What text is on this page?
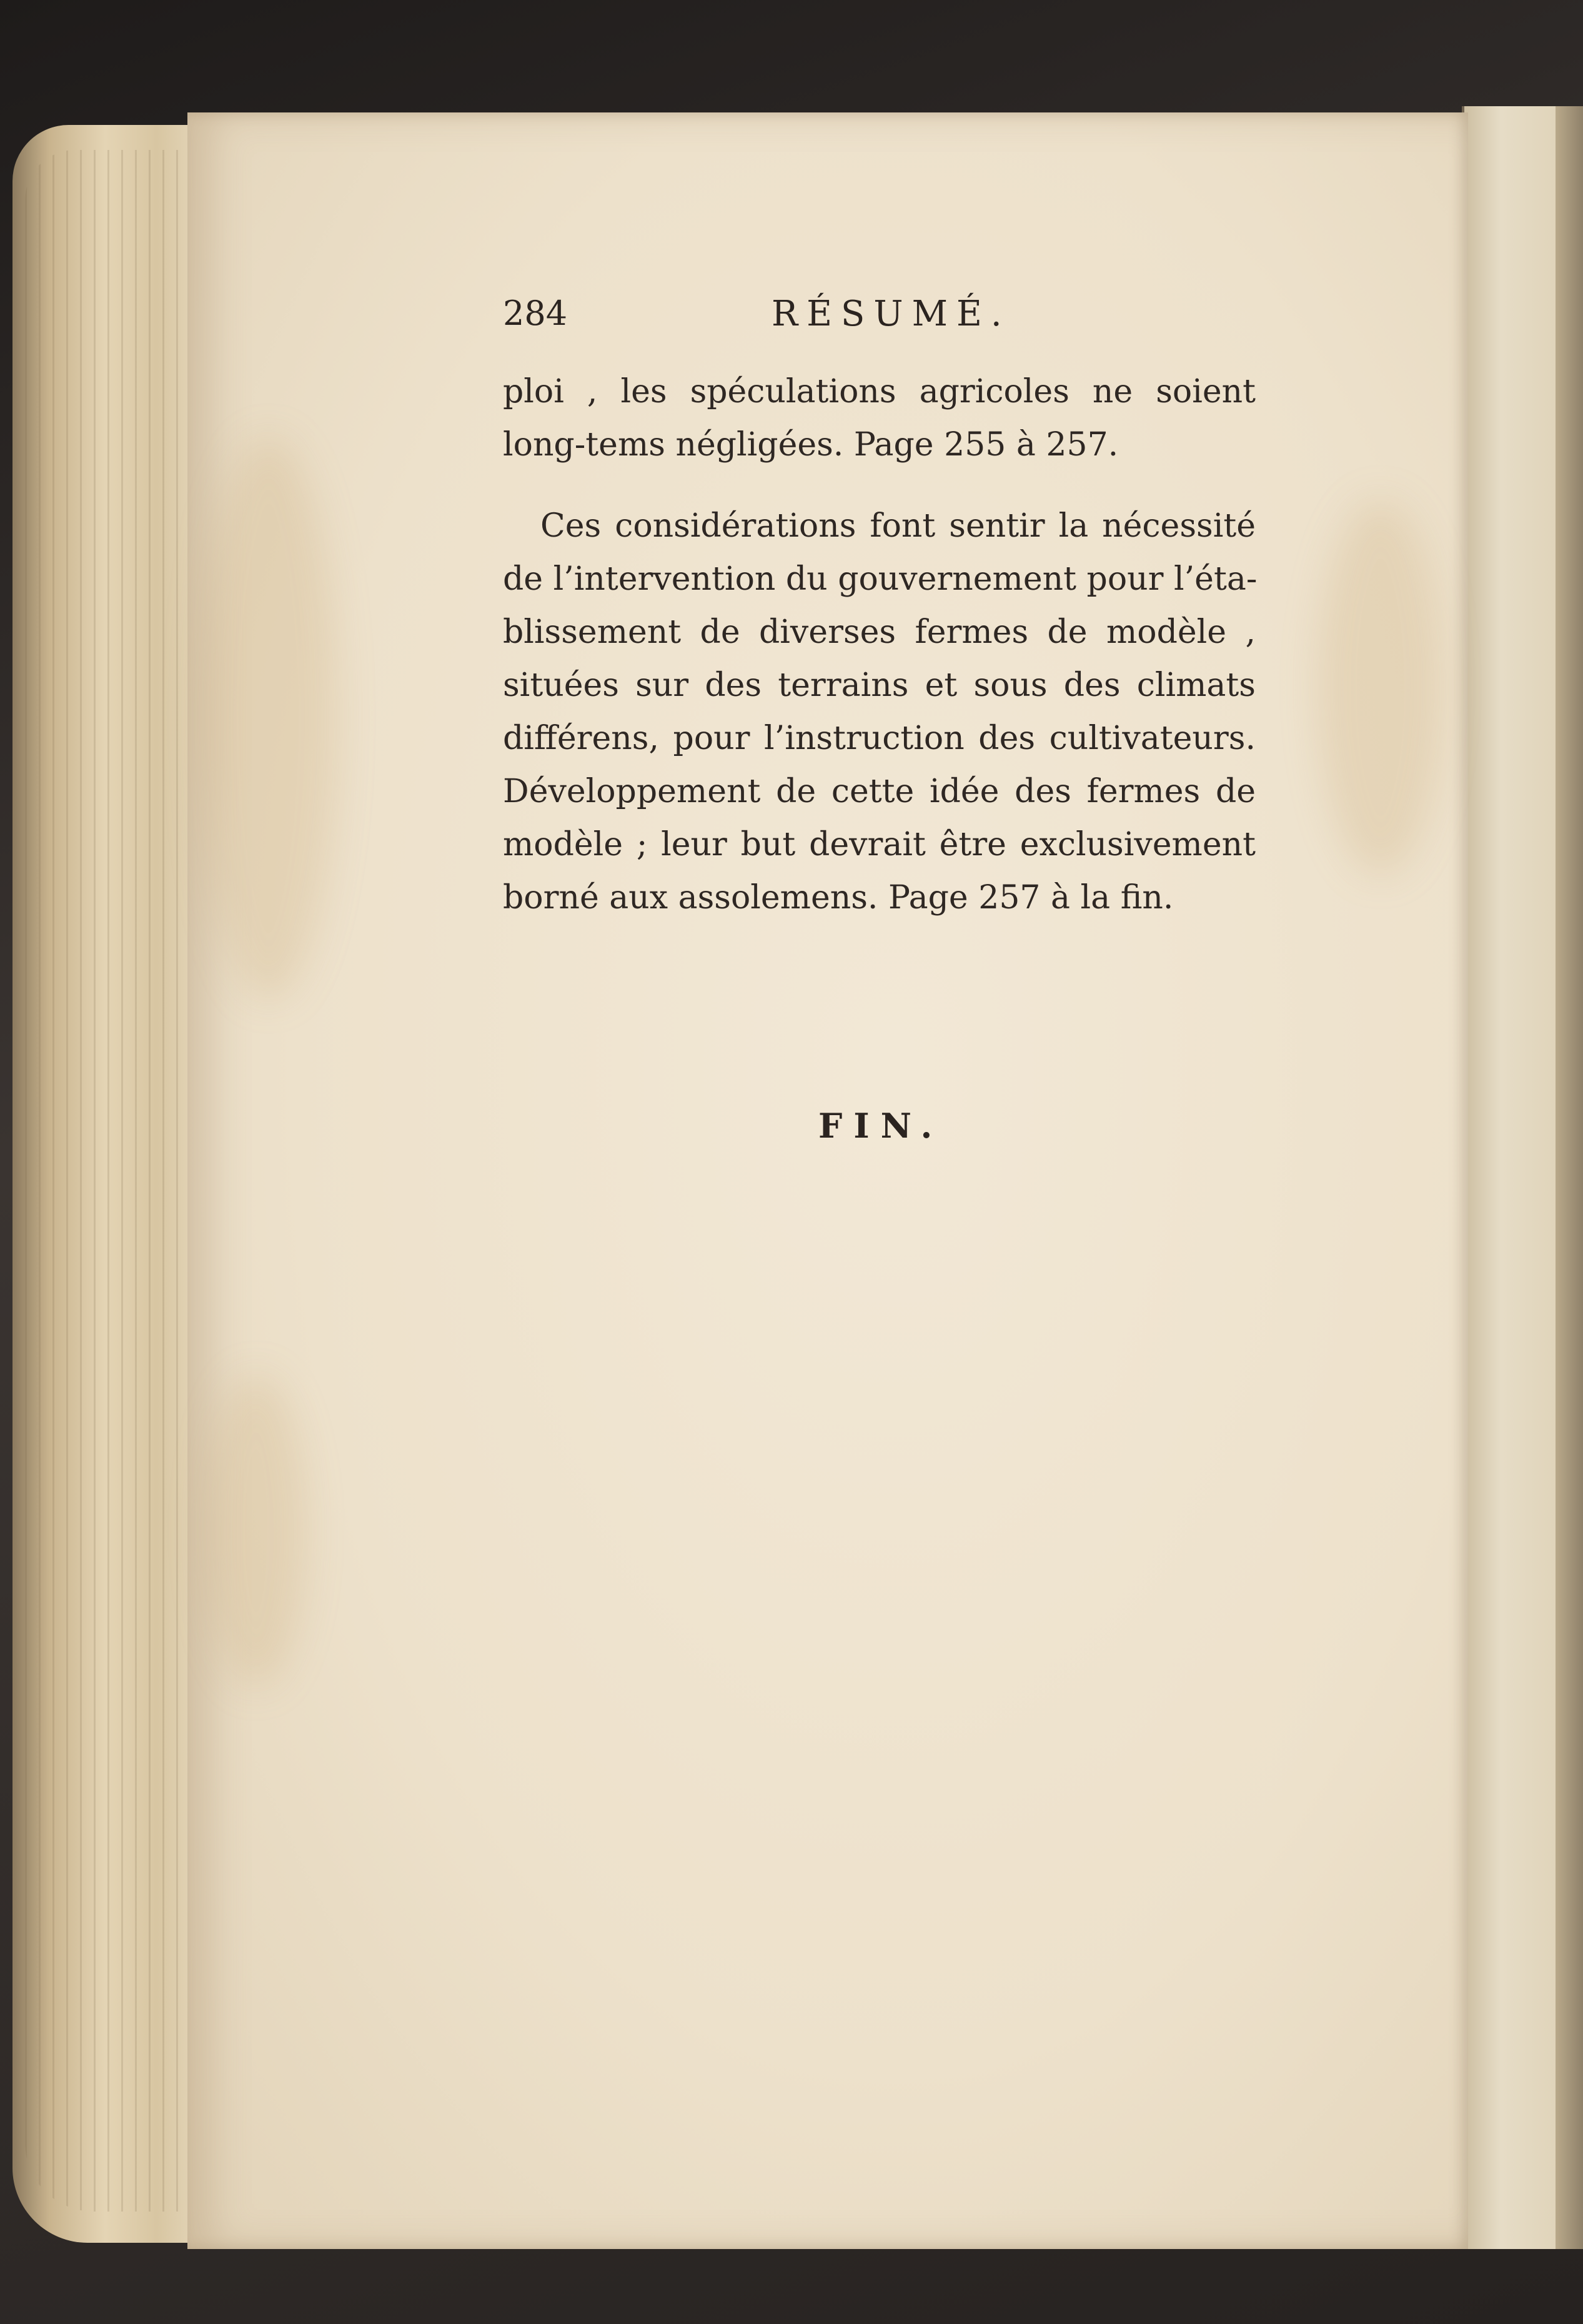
284	RÉSUMÉ.
ploi , les spéculations agricoles ne soient
long-tems négligées. Page 255 à 257.
Ces considérations font sentir la nécessité
de l’intervention du gouvernement pour l’éta-
blissement de diverses fermes de modèle ,
situées sur des terrains et sous des climats
différens, pour l’instruction des cultivateurs.
Développement de cette idée des fermes de
modèle ; leur but devrait être exclusivement
borné aux assolemens. Page 257 à la fin.
FIN.
